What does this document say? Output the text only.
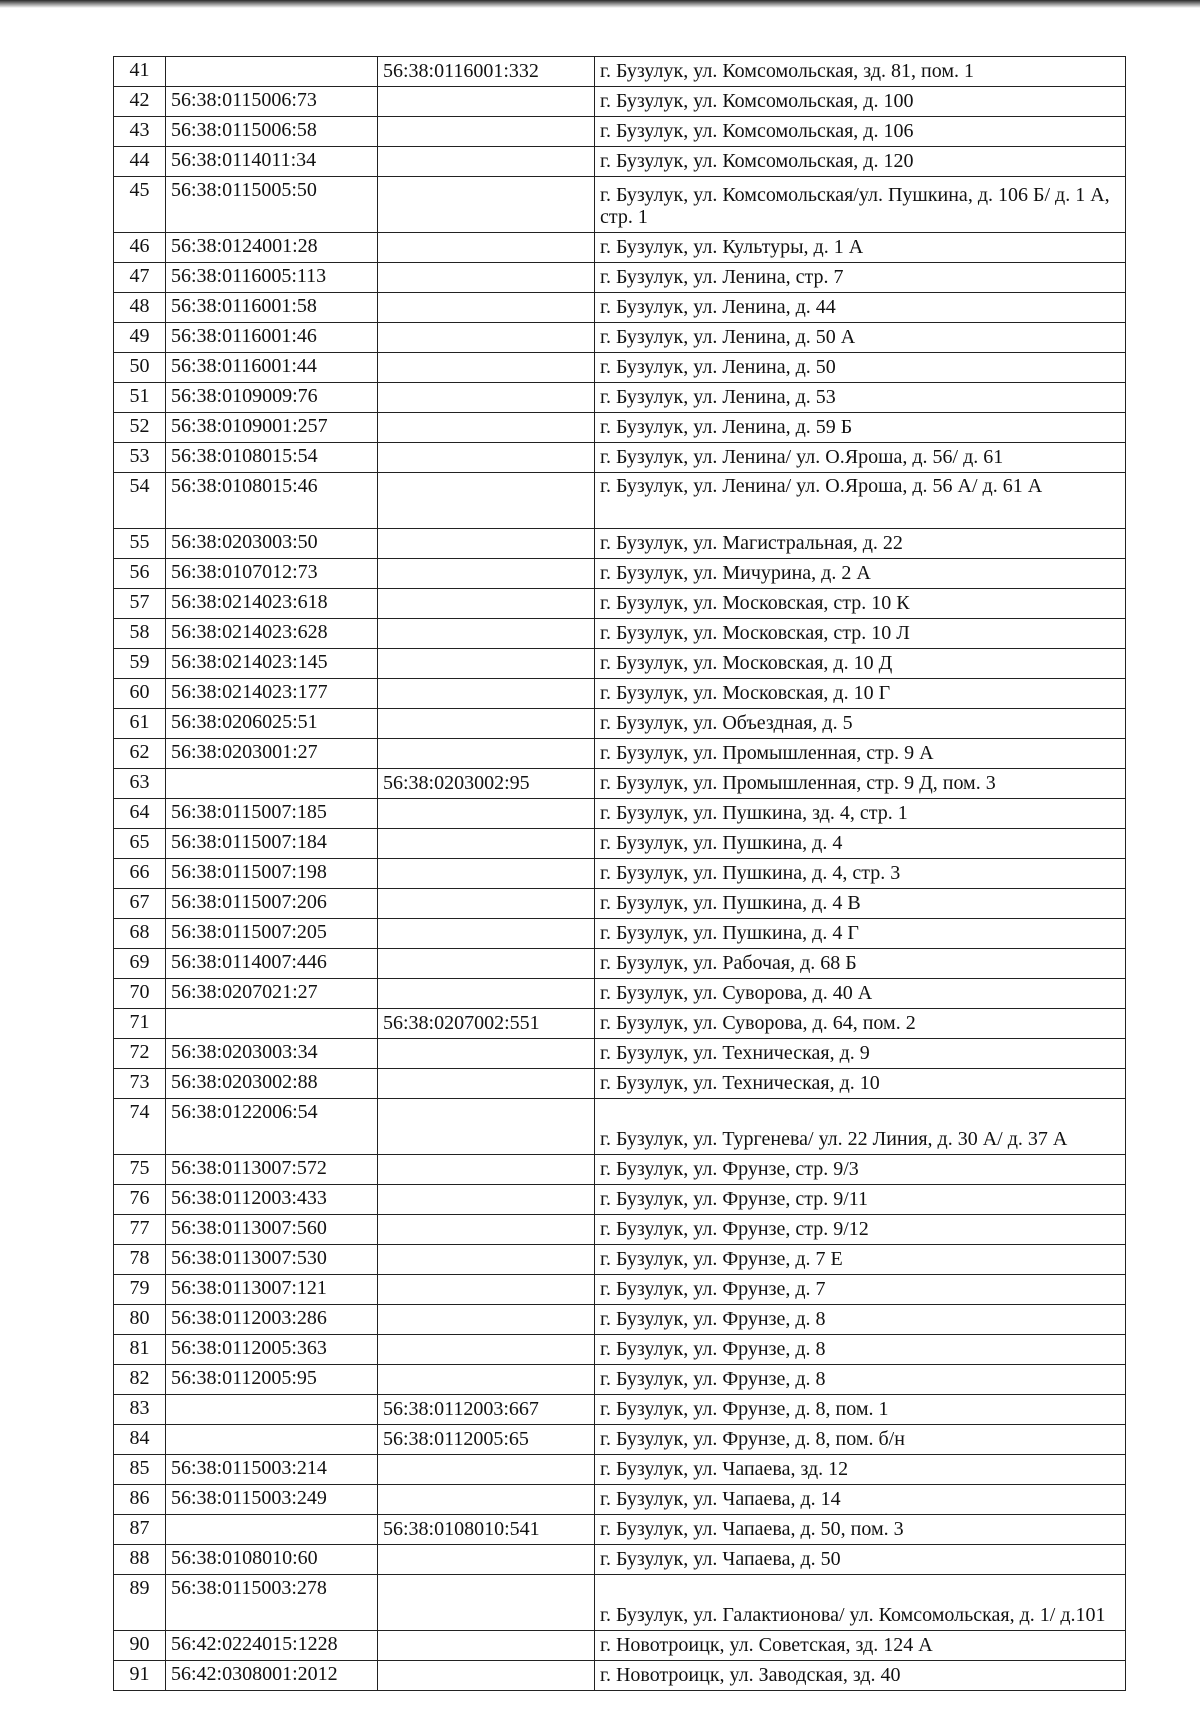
41		56:38:0116001:332	г. Бузулук, ул. Комсомольская, зд. 81, пом. 1
42	56:38:0115006:73		г. Бузулук, ул. Комсомольская, д. 100
43	56:38:0115006:58		г. Бузулук, ул. Комсомольская, д. 106
44	56:38:0114011:34		г. Бузулук, ул. Комсомольская, д. 120
45	56:38:0115005:50		г. Бузулук, ул. Комсомольская/ул. Пушкина, д. 106 Б/ д. 1 А, стр. 1
46	56:38:0124001:28		г. Бузулук, ул. Культуры, д. 1 А
47	56:38:0116005:113		г. Бузулук, ул. Ленина, стр. 7
48	56:38:0116001:58		г. Бузулук, ул. Ленина, д. 44
49	56:38:0116001:46		г. Бузулук, ул. Ленина, д. 50 А
50	56:38:0116001:44		г. Бузулук, ул. Ленина, д. 50
51	56:38:0109009:76		г. Бузулук, ул. Ленина, д. 53
52	56:38:0109001:257		г. Бузулук, ул. Ленина, д. 59 Б
53	56:38:0108015:54		г. Бузулук, ул. Ленина/ ул. О.Яроша, д. 56/ д. 61
54	56:38:0108015:46		г. Бузулук, ул. Ленина/ ул. О.Яроша, д. 56 А/ д. 61 А
55	56:38:0203003:50		г. Бузулук, ул. Магистральная, д. 22
56	56:38:0107012:73		г. Бузулук, ул. Мичурина, д. 2 А
57	56:38:0214023:618		г. Бузулук, ул. Московская, стр. 10 К
58	56:38:0214023:628		г. Бузулук, ул. Московская, стр. 10 Л
59	56:38:0214023:145		г. Бузулук, ул. Московская, д. 10 Д
60	56:38:0214023:177		г. Бузулук, ул. Московская, д. 10 Г
61	56:38:0206025:51		г. Бузулук, ул. Объездная, д. 5
62	56:38:0203001:27		г. Бузулук, ул. Промышленная, стр. 9 А
63		56:38:0203002:95	г. Бузулук, ул. Промышленная, стр. 9 Д, пом. 3
64	56:38:0115007:185		г. Бузулук, ул. Пушкина, зд. 4, стр. 1
65	56:38:0115007:184		г. Бузулук, ул. Пушкина, д. 4
66	56:38:0115007:198		г. Бузулук, ул. Пушкина, д. 4, стр. 3
67	56:38:0115007:206		г. Бузулук, ул. Пушкина, д. 4 В
68	56:38:0115007:205		г. Бузулук, ул. Пушкина, д. 4 Г
69	56:38:0114007:446		г. Бузулук, ул. Рабочая, д. 68 Б
70	56:38:0207021:27		г. Бузулук, ул. Суворова, д. 40 А
71		56:38:0207002:551	г. Бузулук, ул. Суворова, д. 64, пом. 2
72	56:38:0203003:34		г. Бузулук, ул. Техническая, д. 9
73	56:38:0203002:88		г. Бузулук, ул. Техническая, д. 10
74	56:38:0122006:54		г. Бузулук, ул. Тургенева/ ул. 22 Линия, д. 30 А/ д. 37 А
75	56:38:0113007:572		г. Бузулук, ул. Фрунзе, стр. 9/3
76	56:38:0112003:433		г. Бузулук, ул. Фрунзе, стр. 9/11
77	56:38:0113007:560		г. Бузулук, ул. Фрунзе, стр. 9/12
78	56:38:0113007:530		г. Бузулук, ул. Фрунзе, д. 7 Е
79	56:38:0113007:121		г. Бузулук, ул. Фрунзе, д. 7
80	56:38:0112003:286		г. Бузулук, ул. Фрунзе, д. 8
81	56:38:0112005:363		г. Бузулук, ул. Фрунзе, д. 8
82	56:38:0112005:95		г. Бузулук, ул. Фрунзе, д. 8
83		56:38:0112003:667	г. Бузулук, ул. Фрунзе, д. 8, пом. 1
84		56:38:0112005:65	г. Бузулук, ул. Фрунзе, д. 8, пом. б/н
85	56:38:0115003:214		г. Бузулук, ул. Чапаева, зд. 12
86	56:38:0115003:249		г. Бузулук, ул. Чапаева, д. 14
87		56:38:0108010:541	г. Бузулук, ул. Чапаева, д. 50, пом. 3
88	56:38:0108010:60		г. Бузулук, ул. Чапаева, д. 50
89	56:38:0115003:278		г. Бузулук, ул. Галактионова/ ул. Комсомольская, д. 1/ д.101
90	56:42:0224015:1228		г. Новотроицк, ул. Советская, зд. 124 А
91	56:42:0308001:2012		г. Новотроицк, ул. Заводская, зд. 40
